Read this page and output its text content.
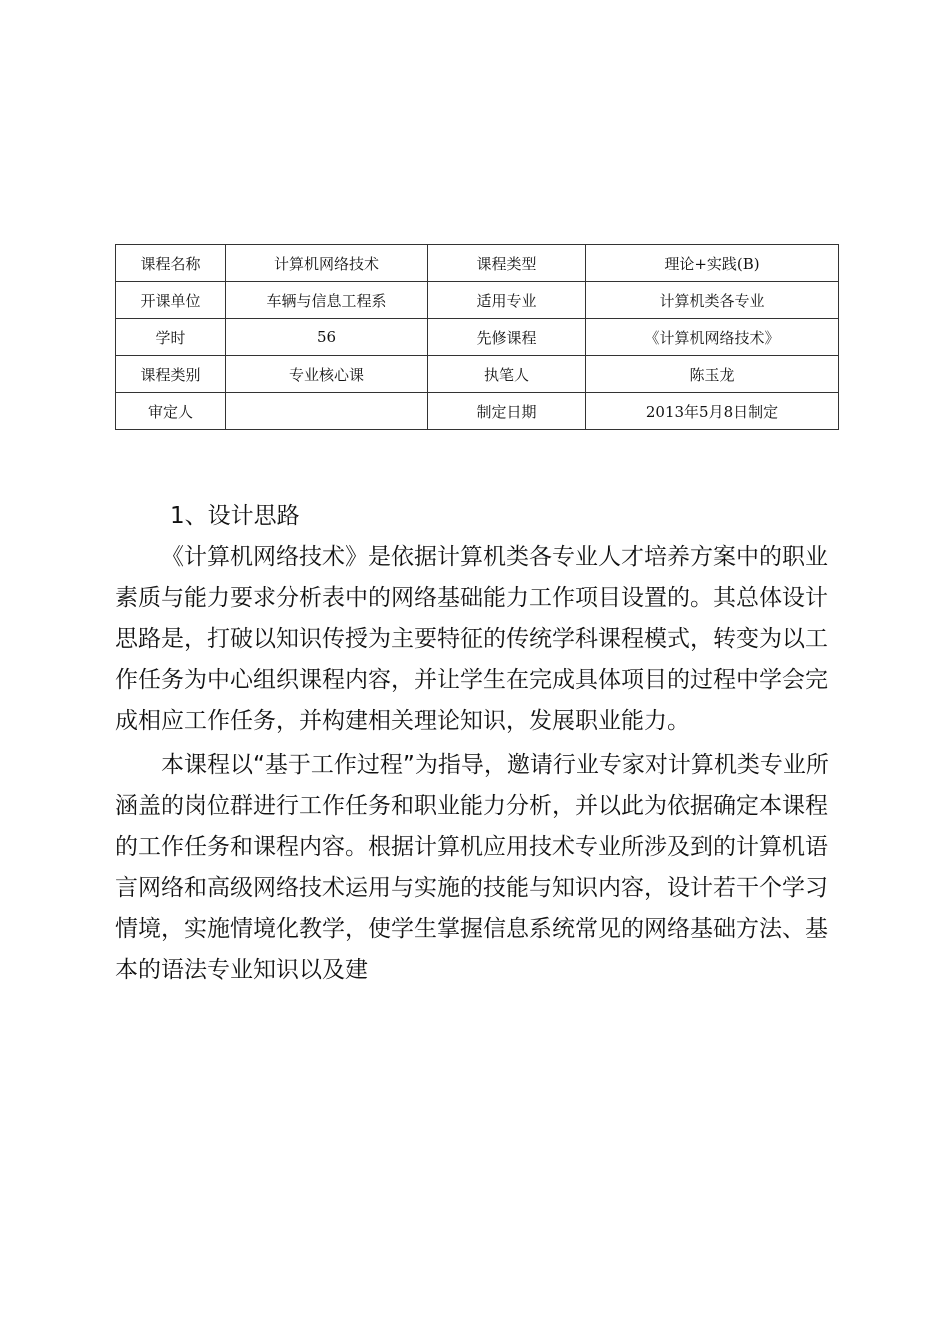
课程名称	计算机网络技术	课程类型	理论+实践(B)
开课单位	车辆与信息工程系	适用专业	计算机类各专业
学时	56	先修课程	《计算机网络技术》
课程类别	专业核心课	执笔人	陈玉龙
审定人		制定日期	2013年5月8日制定
1、设计思路

《计算机网络技术》是依据计算机类各专业人才培养方案中的职业素质与能力要求分析表中的网络基础能力工作项目设置的。其总体设计思路是，打破以知识传授为主要特征的传统学科课程模式，转变为以工作任务为中心组织课程内容，并让学生在完成具体项目的过程中学会完成相应工作任务，并构建相关理论知识，发展职业能力。

本课程以“基于工作过程”为指导，邀请行业专家对计算机类专业所涵盖的岗位群进行工作任务和职业能力分析，并以此为依据确定本课程的工作任务和课程内容。根据计算机应用技术专业所涉及到的计算机语言网络和高级网络技术运用与实施的技能与知识内容，设计若干个学习情境，实施情境化教学，使学生掌握信息系统常见的网络基础方法、基本的语法专业知识以及建
